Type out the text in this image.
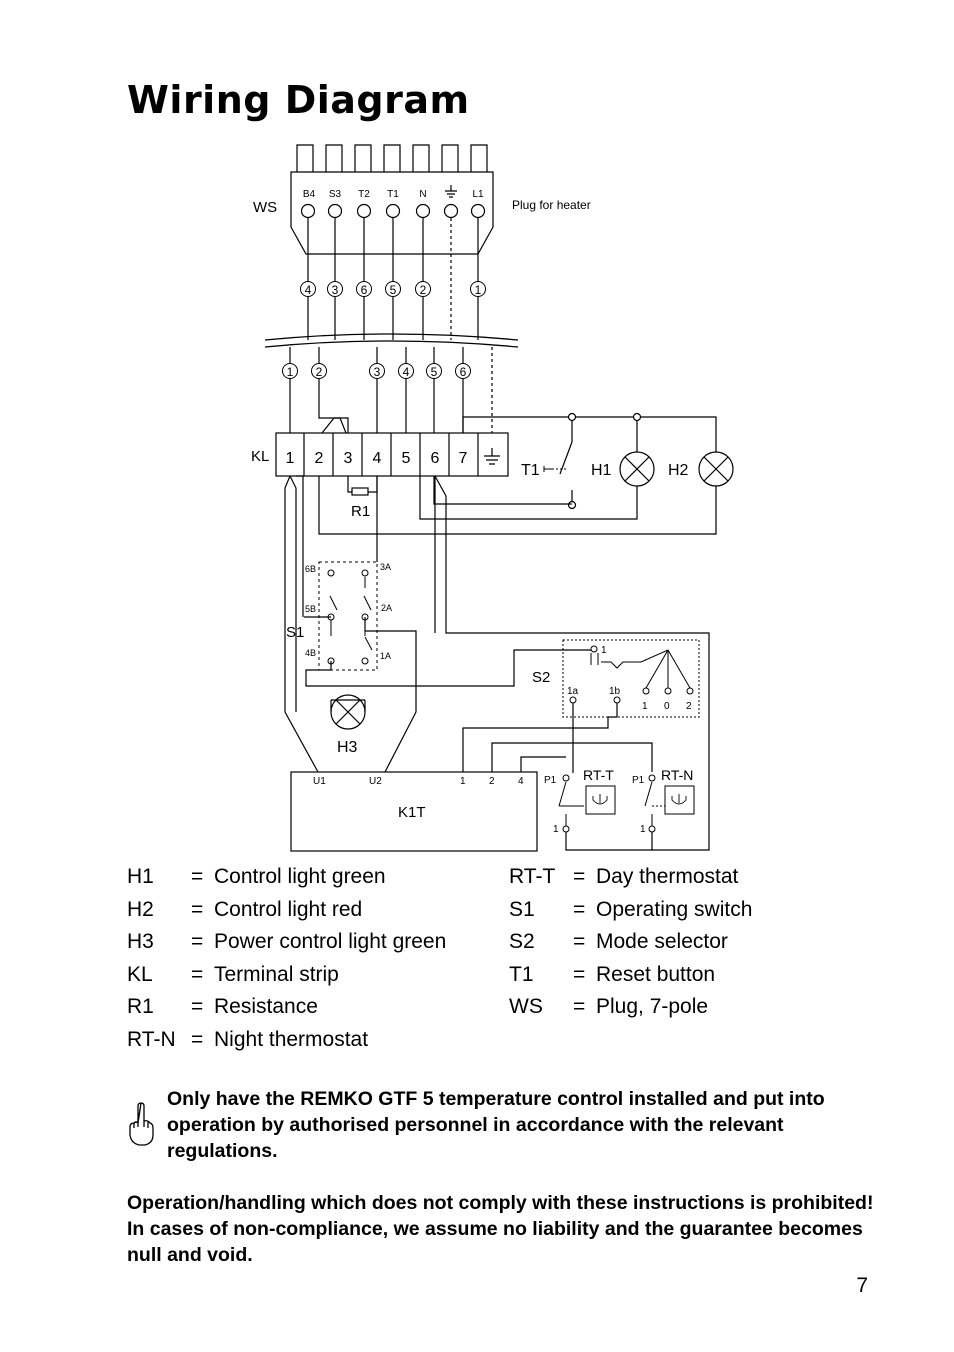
Wiring Diagram
B4 S3 T2 T1 N	L1
WS	Plug for heater
4 3 6 5 2	1
1 2	3 4 5 6
KL 1 2 3 4 5 6 7
R1
T1	H1	H2
6B
5B
4B
3A
2A
1A
S1
H3
1
1a	1b
1 0 2
S2
U1	U2	1 2 4
K1T
P1	P1
1	1
RT-T	RT-N
H1	= Control light green
H2	= Control light red
H3	= Power control light green
KL	= Terminal strip
R1	= Resistance
RT-N = Night thermostat
RT-T = Day thermostat
S1	= Operating switch
S2	= Mode selector
T1	= Reset button
WS	= Plug, 7-pole

Only have the REMKO GTF 5 temperature control installed and put into operation by authorised personnel in accordance with the relevant regulations.

Operation/handling which does not comply with these instructions is prohibited! In cases of non-compliance, we assume no liability and the guarantee becomes null and void.

7
